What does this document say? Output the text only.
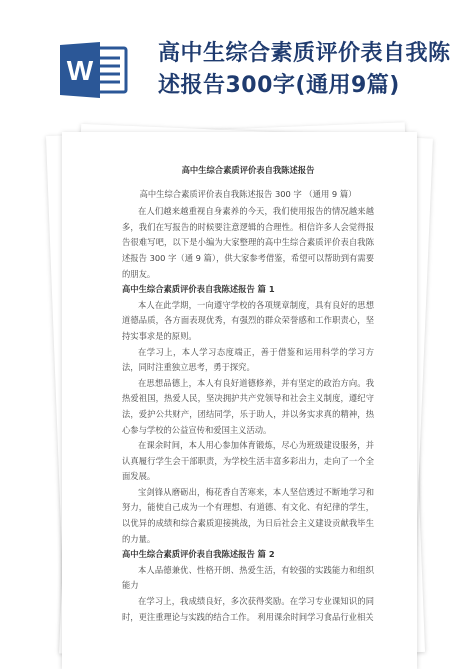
W
高中生综合素质评价表自我陈
述报告300字(通用9篇)
高中生综合素质评价表自我陈述报告
高中生综合素质评价表自我陈述报告 300 字 （通用 9 篇）

在人们越来越重视自身素养的今天，我们使用报告的情况越来越多，我们在写报告的时候要注意逻辑的合理性。相信许多人会觉得报告很难写吧，以下是小编为大家整理的高中生综合素质评价表自我陈述报告 300 字（通 9 篇），供大家参考借鉴，希望可以帮助到有需要的朋友。

高中生综合素质评价表自我陈述报告 篇 1

本人在此学期，一向遵守学校的各项规章制度，具有良好的思想道德品质，各方面表现优秀，有强烈的群众荣誉感和工作职责心，坚持实事求是的原则。

在学习上，本人学习态度端正，善于借鉴和运用科学的学习方法，同时注重独立思考，勇于探究。

在思想品德上，本人有良好道德修养，并有坚定的政治方向。我热爱祖国，热爱人民，坚决拥护共产党领导和社会主义制度，遵纪守法，爱护公共财产，团结同学，乐于助人，并以务实求真的精神，热心参与学校的公益宣传和爱国主义活动。

在课余时间，本人用心参加体育锻炼，尽心为班级建设服务，并认真履行学生会干部职责，为学校生活丰富多彩出力，走向了一个全面发展。

宝剑锋从磨砺出，梅花香自苦寒来，本人坚信透过不断地学习和努力，能使自己成为一个有理想、有道德、有文化、有纪律的学生，以优异的成绩和综合素质迎接挑战，为日后社会主义建设贡献我毕生的力量。

高中生综合素质评价表自我陈述报告 篇 2

本人品德兼优、性格开朗、热爱生活，有较强的实践能力和组织能力

在学习上，我成绩良好，多次获得奖励。在学习专业课知识的同时，更注重理论与实践的结合工作。 利用课余时间学习食品行业相关
